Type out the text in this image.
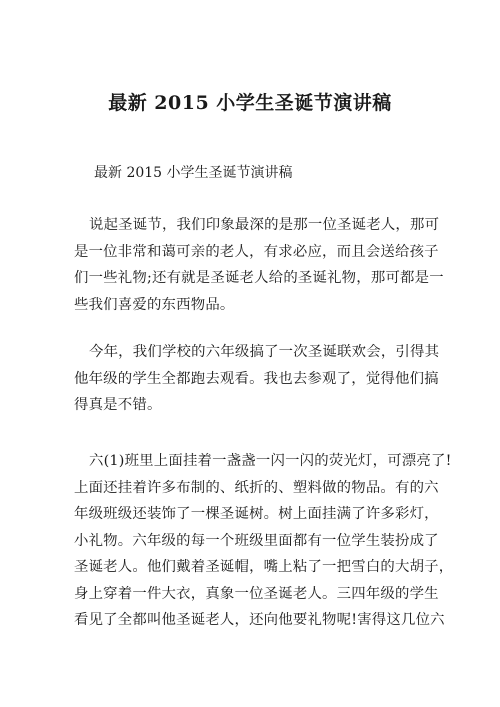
最新 2015 小学生圣诞节演讲稿
最新 2015 小学生圣诞节演讲稿
说起圣诞节，我们印象最深的是那一位圣诞老人，那可
是一位非常和蔼可亲的老人，有求必应，而且会送给孩子
们一些礼物;还有就是圣诞老人给的圣诞礼物，那可都是一
些我们喜爱的东西物品。
今年，我们学校的六年级搞了一次圣诞联欢会，引得其
他年级的学生全都跑去观看。我也去参观了，觉得他们搞
得真是不错。
六(1)班里上面挂着一盏盏一闪一闪的荧光灯，可漂亮了!
上面还挂着许多布制的、纸折的、塑料做的物品。有的六
年级班级还装饰了一棵圣诞树。树上面挂满了许多彩灯，
小礼物。六年级的每一个班级里面都有一位学生装扮成了
圣诞老人。他们戴着圣诞帽，嘴上粘了一把雪白的大胡子，
身上穿着一件大衣，真象一位圣诞老人。三四年级的学生
看见了全都叫他圣诞老人，还向他要礼物呢!害得这几位六
